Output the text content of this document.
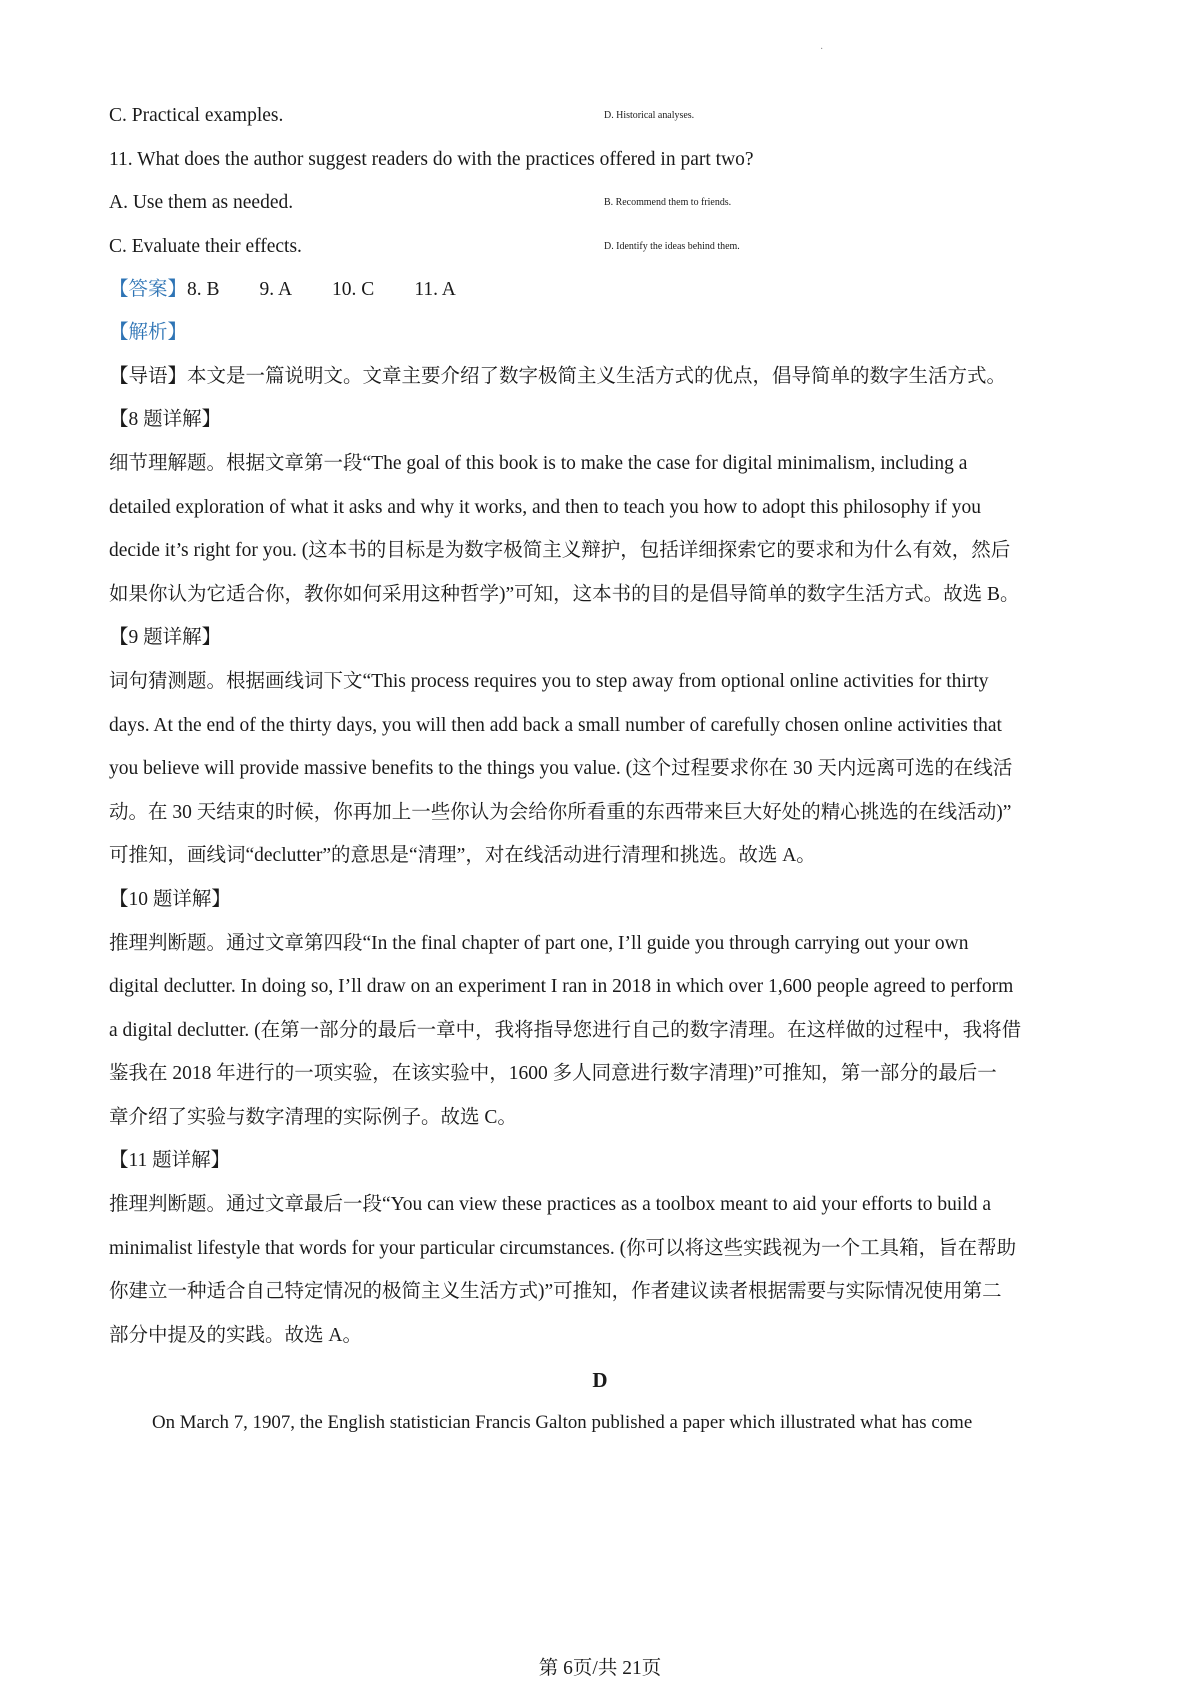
·
C. Practical examples.	D. Historical analyses.
11. What does the author suggest readers do with the practices offered in part two?
A. Use them as needed.	B. Recommend them to friends.
C. Evaluate their effects.	D. Identify the ideas behind them.
【答案】8. B 9. A 10. C 11. A
【解析】
【导语】本文是一篇说明文。文章主要介绍了数字极简主义生活方式的优点，倡导简单的数字生活方式。
【8 题详解】
细节理解题。根据文章第一段“The goal of this book is to make the case for digital minimalism, including a
detailed exploration of what it asks and why it works, and then to teach you how to adopt this philosophy if you
decide it’s right for you. (这本书的目标是为数字极简主义辩护，包括详细探索它的要求和为什么有效，然后
如果你认为它适合你，教你如何采用这种哲学)”可知，这本书的目的是倡导简单的数字生活方式。故选 B。
【9 题详解】
词句猜测题。根据画线词下文“This process requires you to step away from optional online activities for thirty
days. At the end of the thirty days, you will then add back a small number of carefully chosen online activities that
you believe will provide massive benefits to the things you value. (这个过程要求你在 30 天内远离可选的在线活
动。在 30 天结束的时候，你再加上一些你认为会给你所看重的东西带来巨大好处的精心挑选的在线活动)”
可推知，画线词“declutter”的意思是“清理”，对在线活动进行清理和挑选。故选 A。
【10 题详解】
推理判断题。通过文章第四段“In the final chapter of part one, I’ll guide you through carrying out your own
digital declutter. In doing so, I’ll draw on an experiment I ran in 2018 in which over 1,600 people agreed to perform
a digital declutter. (在第一部分的最后一章中，我将指导您进行自己的数字清理。在这样做的过程中，我将借
鉴我在 2018 年进行的一项实验，在该实验中，1600 多人同意进行数字清理)”可推知，第一部分的最后一
章介绍了实验与数字清理的实际例子。故选 C。
【11 题详解】
推理判断题。通过文章最后一段“You can view these practices as a toolbox meant to aid your efforts to build a
minimalist lifestyle that words for your particular circumstances. (你可以将这些实践视为一个工具箱，旨在帮助
你建立一种适合自己特定情况的极简主义生活方式)”可推知，作者建议读者根据需要与实际情况使用第二
部分中提及的实践。故选 A。
D
On March 7, 1907, the English statistician Francis Galton published a paper which illustrated what has come
第 6页/共 21页
